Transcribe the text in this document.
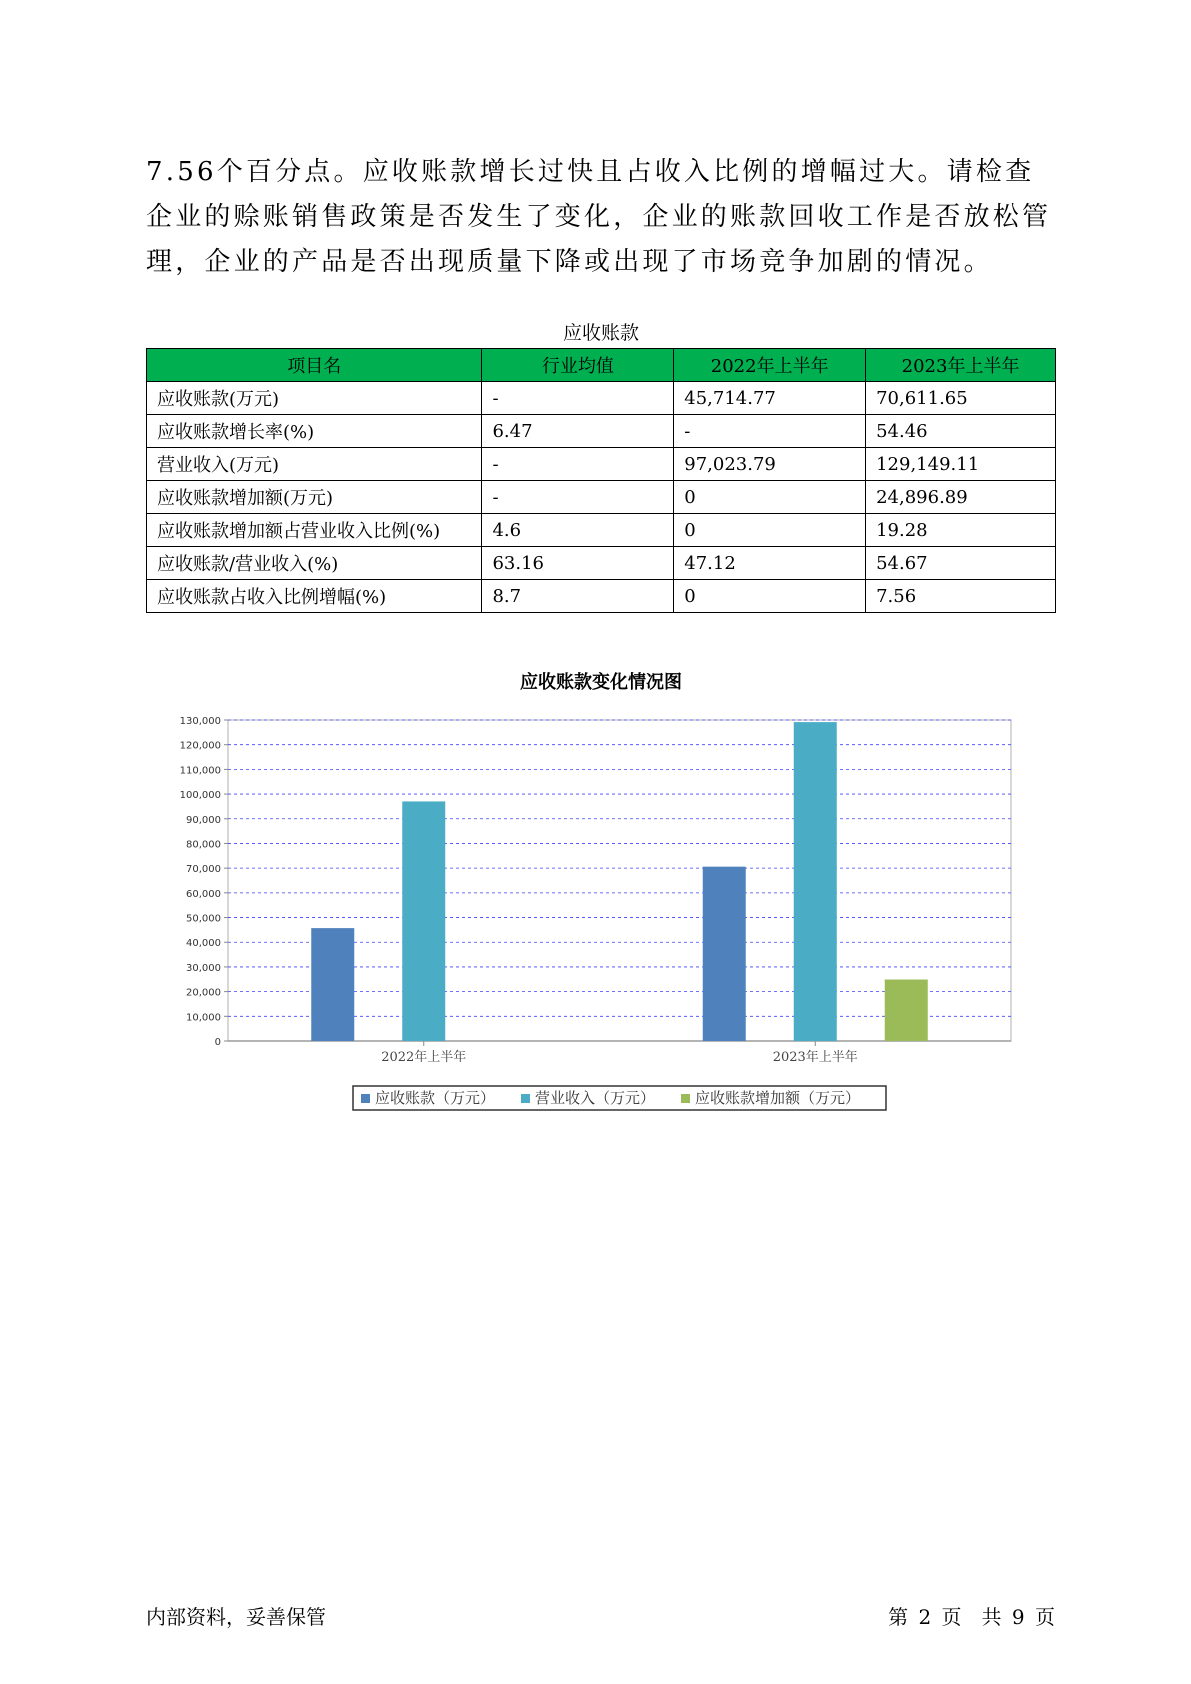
7.56个百分点。应收账款增长过快且占收入比例的增幅过大。请检查企业的赊账销售政策是否发生了变化，企业的账款回收工作是否放松管理，企业的产品是否出现质量下降或出现了市场竞争加剧的情况。

应收账款
项目名	行业均值	2022年上半年	2023年上半年
应收账款(万元)	-	45,714.77	70,611.65
应收账款增长率(%)	6.47	-	54.46
营业收入(万元)	-	97,023.79	129,149.11
应收账款增加额(万元)	-	0	24,896.89
应收账款增加额占营业收入比例(%)	4.6	0	19.28
应收账款/营业收入(%)	63.16	47.12	54.67
应收账款占收入比例增幅(%)	8.7	0	7.56
应收账款变化情况图
0
10,000
20,000
30,000
40,000
50,000
60,000
70,000
80,000
90,000
100,000
110,000
120,000
130,000
2022年上半年	2023年上半年
应收账款（万元）	营业收入（万元）	应收账款增加额（万元）
内部资料，妥善保管	第 2 页　共 9 页
